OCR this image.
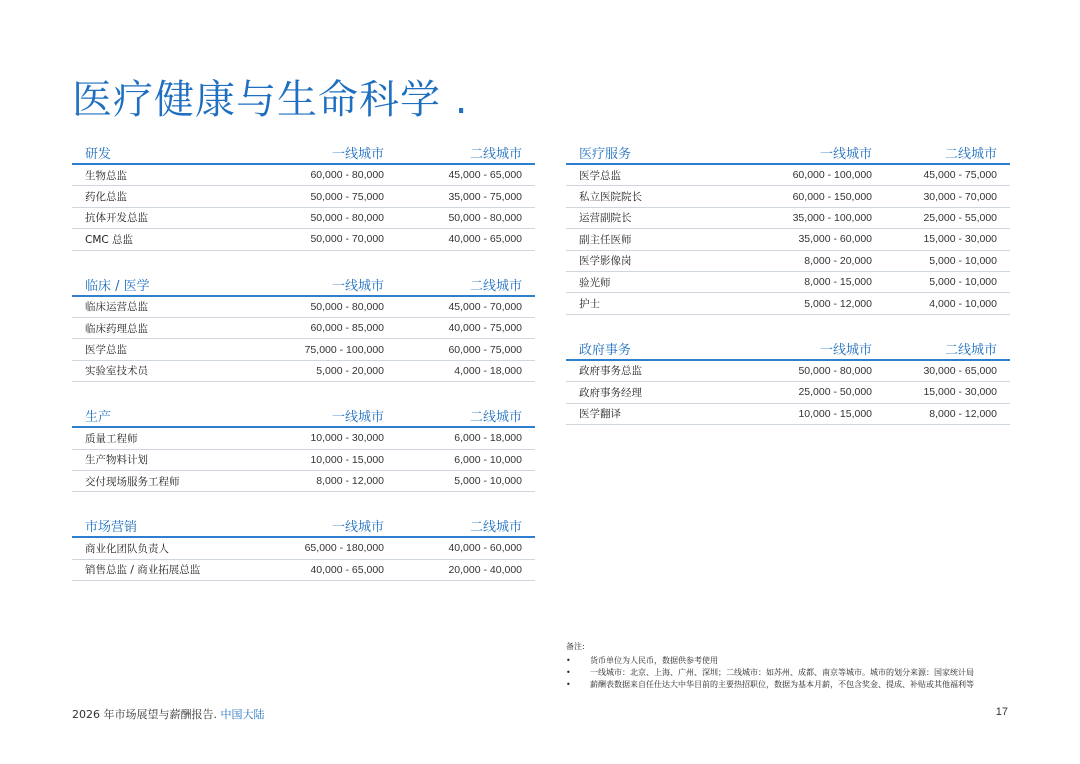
医疗健康与生命科学 .
研发	一线城市	二线城市
生物总监	60,000 - 80,000	45,000 - 65,000
药化总监	50,000 - 75,000	35,000 - 75,000
抗体开发总监	50,000 - 80,000	50,000 - 80,000
CMC 总监	50,000 - 70,000	40,000 - 65,000
临床 / 医学	一线城市	二线城市
临床运营总监	50,000 - 80,000	45,000 - 70,000
临床药理总监	60,000 - 85,000	40,000 - 75,000
医学总监	75,000 - 100,000	60,000 - 75,000
实验室技术员	5,000 - 20,000	4,000 - 18,000
生产	一线城市	二线城市
质量工程师	10,000 - 30,000	6,000 - 18,000
生产物料计划	10,000 - 15,000	6,000 - 10,000
交付现场服务工程师	8,000 - 12,000	5,000 - 10,000
市场营销	一线城市	二线城市
商业化团队负责人	65,000 - 180,000	40,000 - 60,000
销售总监 / 商业拓展总监	40,000 - 65,000	20,000 - 40,000
医疗服务	一线城市	二线城市
医学总监	60,000 - 100,000	45,000 - 75,000
私立医院院长	60,000 - 150,000	30,000 - 70,000
运营副院长	35,000 - 100,000	25,000 - 55,000
副主任医师	35,000 - 60,000	15,000 - 30,000
医学影像岗	8,000 - 20,000	5,000 - 10,000
验光师	8,000 - 15,000	5,000 - 10,000
护士	5,000 - 12,000	4,000 - 10,000
政府事务	一线城市	二线城市
政府事务总监	50,000 - 80,000	30,000 - 65,000
政府事务经理	25,000 - 50,000	15,000 - 30,000
医学翻译	10,000 - 15,000	8,000 - 12,000
备注:
•	货币单位为人民币，数据供参考使用
•	一线城市：北京、上海、广州、深圳；二线城市：如苏州、成都、南京等城市。城市的划分来源：国家统计局
•	薪酬表数据来自任仕达大中华目前的主要热招职位，数据为基本月薪，不包含奖金、提成、补贴或其他福利等
2026 年市场展望与薪酬报告. 中国大陆	17
